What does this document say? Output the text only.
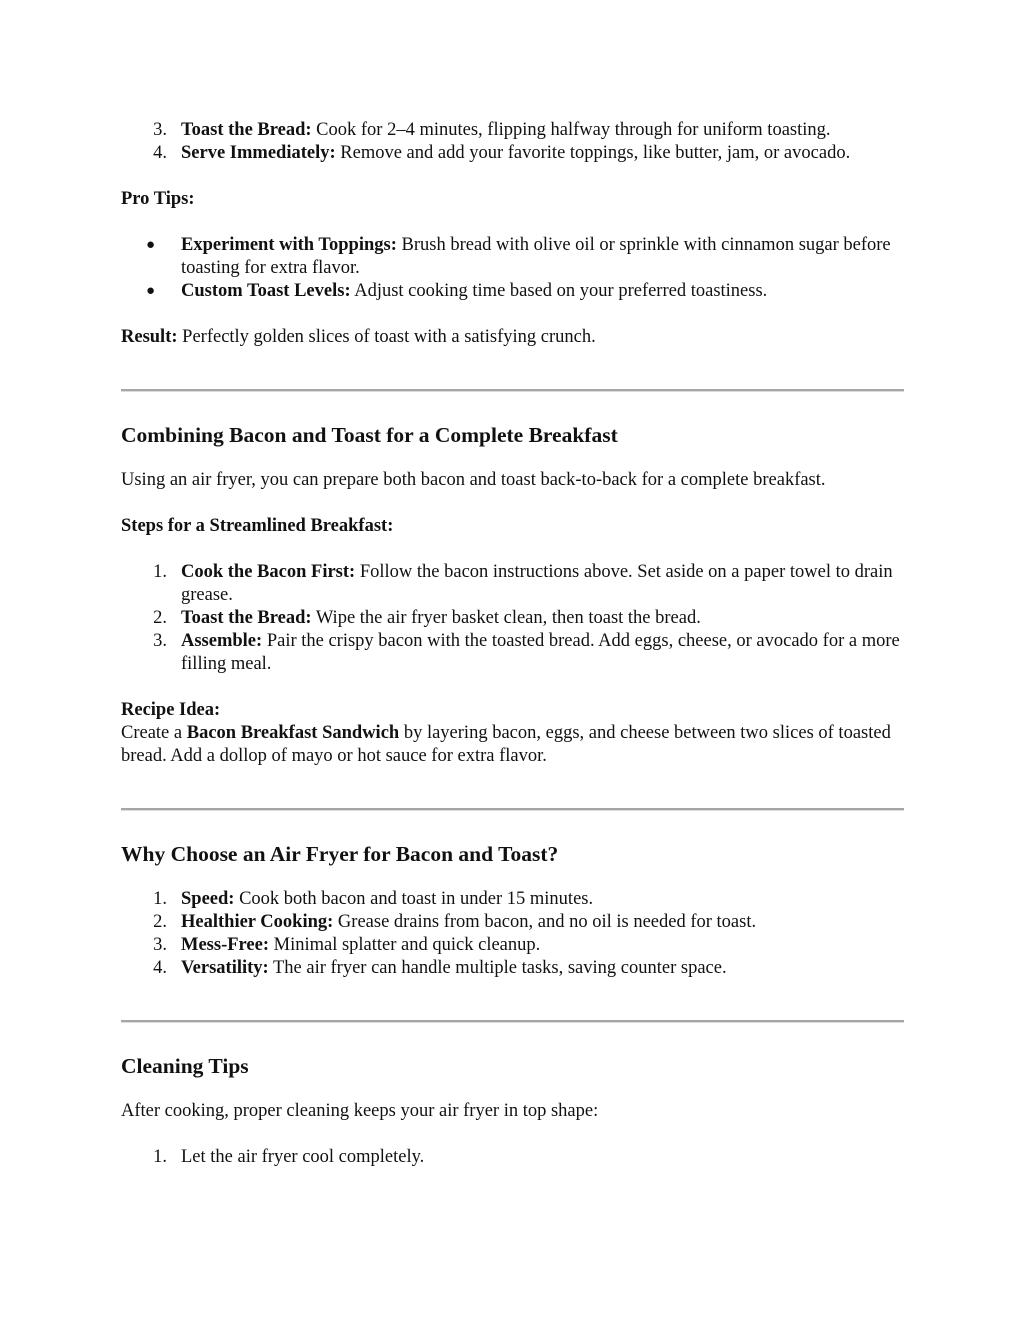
3. Toast the Bread: Cook for 2–4 minutes, flipping halfway through for uniform toasting.
4. Serve Immediately: Remove and add your favorite toppings, like butter, jam, or avocado.

Pro Tips:

● Experiment with Toppings: Brush bread with olive oil or sprinkle with cinnamon sugar before toasting for extra flavor.
● Custom Toast Levels: Adjust cooking time based on your preferred toastiness.

Result: Perfectly golden slices of toast with a satisfying crunch.

Combining Bacon and Toast for a Complete Breakfast

Using an air fryer, you can prepare both bacon and toast back-to-back for a complete breakfast.

Steps for a Streamlined Breakfast:

1. Cook the Bacon First: Follow the bacon instructions above. Set aside on a paper towel to drain grease.
2. Toast the Bread: Wipe the air fryer basket clean, then toast the bread.
3. Assemble: Pair the crispy bacon with the toasted bread. Add eggs, cheese, or avocado for a more filling meal.

Recipe Idea:

Create a Bacon Breakfast Sandwich by layering bacon, eggs, and cheese between two slices of toasted bread. Add a dollop of mayo or hot sauce for extra flavor.

Why Choose an Air Fryer for Bacon and Toast?
1. Speed: Cook both bacon and toast in under 15 minutes.
2. Healthier Cooking: Grease drains from bacon, and no oil is needed for toast.
3. Mess-Free: Minimal splatter and quick cleanup.
4. Versatility: The air fryer can handle multiple tasks, saving counter space.
Cleaning Tips

After cooking, proper cleaning keeps your air fryer in top shape:

1. Let the air fryer cool completely.
